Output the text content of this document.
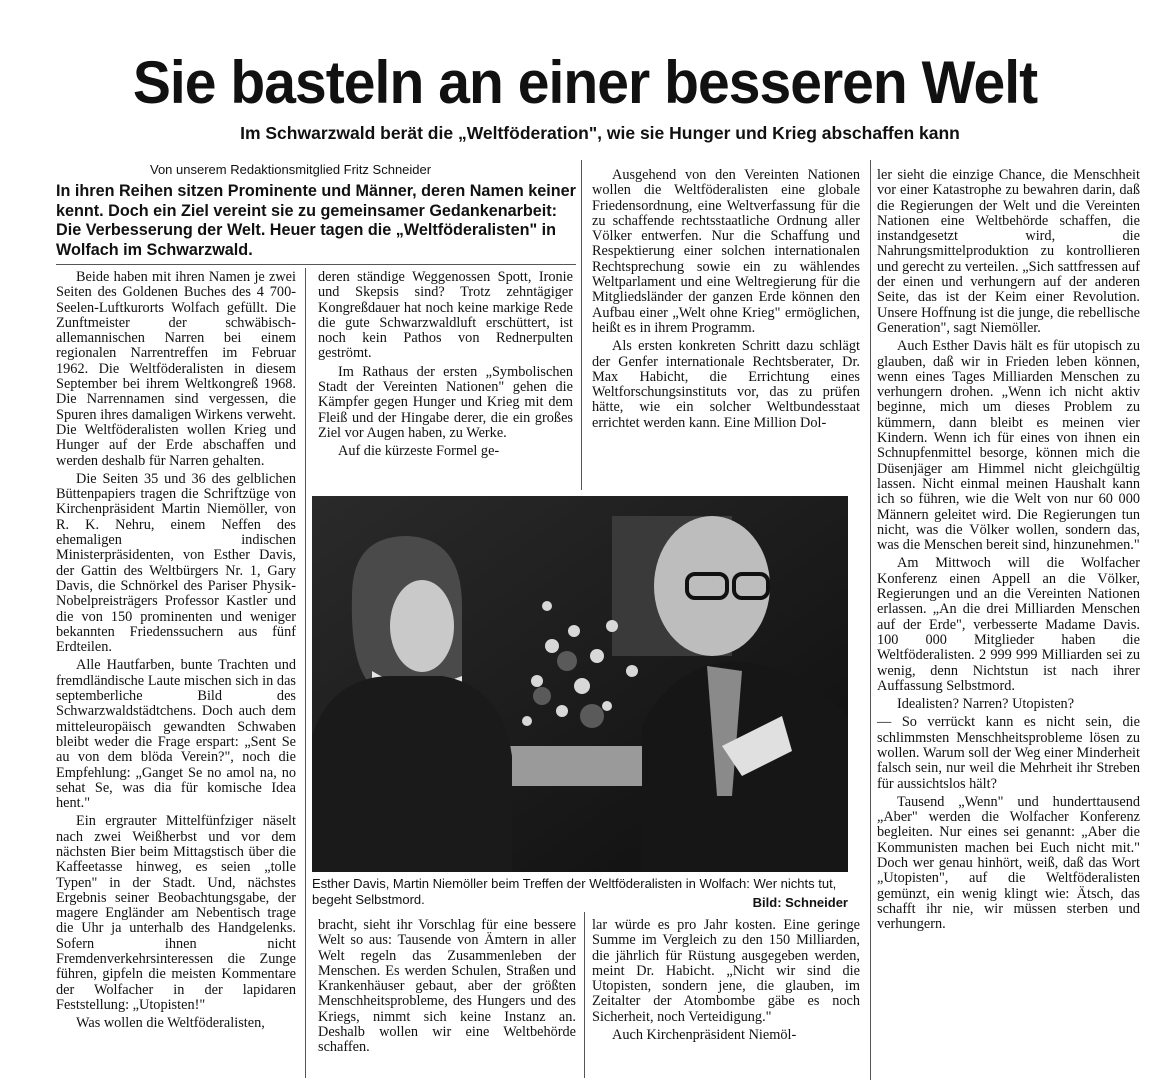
Sie basteln an einer besseren Welt
Im Schwarzwald berät die „Weltföderation", wie sie Hunger und Krieg abschaffen kann
Von unserem Redaktionsmitglied Fritz Schneider
In ihren Reihen sitzen Prominente und Männer, deren Namen keiner kennt. Doch ein Ziel vereint sie zu gemeinsamer Gedankenarbeit: Die Verbesserung der Welt. Heuer tagen die „Weltföderalisten" in Wolfach im Schwarzwald.

Beide haben mit ihren Namen je zwei Seiten des Goldenen Buches des 4 700-Seelen-Luftkurorts Wolfach gefüllt. Die Zunftmeister der schwäbisch-allemannischen Narren bei einem regionalen Narrentreffen im Februar 1962. Die Weltföderalisten in diesem September bei ihrem Weltkongreß 1968. Die Narrennamen sind vergessen, die Spuren ihres damaligen Wirkens verweht. Die Weltföderalisten wollen Krieg und Hunger auf der Erde abschaffen und werden deshalb für Narren gehalten.

Die Seiten 35 und 36 des gelblichen Büttenpapiers tragen die Schriftzüge von Kirchenpräsident Martin Niemöller, von R. K. Nehru, einem Neffen des ehemaligen indischen Ministerpräsidenten, von Esther Davis, der Gattin des Weltbürgers Nr. 1, Gary Davis, die Schnörkel des Pariser Physik-Nobelpreisträgers Professor Kastler und die von 150 prominenten und weniger bekannten Friedenssuchern aus fünf Erdteilen.

Alle Hautfarben, bunte Trachten und fremdländische Laute mischen sich in das septemberliche Bild des Schwarzwaldstädtchens. Doch auch dem mitteleuropäisch gewandten Schwaben bleibt weder die Frage erspart: „Sent Se au von dem blöda Verein?", noch die Empfehlung: „Ganget Se no amol na, no sehat Se, was dia für komische Idea hent."

Ein ergrauter Mittelfünfziger näselt nach zwei Weißherbst und vor dem nächsten Bier beim Mittagstisch über die Kaffeetasse hinweg, es seien „tolle Typen" in der Stadt. Und, nächstes Ergebnis seiner Beobachtungsgabe, der magere Engländer am Nebentisch trage die Uhr ja unterhalb des Handgelenks. Sofern ihnen nicht Fremdenverkehrsinteressen die Zunge führen, gipfeln die meisten Kommentare der Wolfacher in der lapidaren Feststellung: „Utopisten!"

Was wollen die Weltföderalisten,

deren ständige Weggenossen Spott, Ironie und Skepsis sind? Trotz zehntägiger Kongreßdauer hat noch keine markige Rede die gute Schwarzwaldluft erschüttert, ist noch kein Pathos von Rednerpulten geströmt.

Im Rathaus der ersten „Symbolischen Stadt der Vereinten Nationen" gehen die Kämpfer gegen Hunger und Krieg mit dem Fleiß und der Hingabe derer, die ein großes Ziel vor Augen haben, zu Werke.

Auf die kürzeste Formel ge-

Ausgehend von den Vereinten Nationen wollen die Weltföderalisten eine globale Friedensordnung, eine Weltverfassung für die zu schaffende rechtsstaatliche Ordnung aller Völker entwerfen. Nur die Schaffung und Respektierung einer solchen internationalen Rechtsprechung sowie ein zu wählendes Weltparlament und eine Weltregierung für die Mitgliedsländer der ganzen Erde können den Aufbau einer „Welt ohne Krieg" ermöglichen, heißt es in ihrem Programm.

Als ersten konkreten Schritt dazu schlägt der Genfer internationale Rechtsberater, Dr. Max Habicht, die Errichtung eines Weltforschungsinstituts vor, das zu prüfen hätte, wie ein solcher Weltbundesstaat errichtet werden kann. Eine Million Dol-

ler sieht die einzige Chance, die Menschheit vor einer Katastrophe zu bewahren darin, daß die Regierungen der Welt und die Vereinten Nationen eine Weltbehörde schaffen, die instandgesetzt wird, die Nahrungsmittelproduktion zu kontrollieren und gerecht zu verteilen. „Sich sattfressen auf der einen und verhungern auf der anderen Seite, das ist der Keim einer Revolution. Unsere Hoffnung ist die junge, die rebellische Generation", sagt Niemöller.

Auch Esther Davis hält es für utopisch zu glauben, daß wir in Frieden leben können, wenn eines Tages Milliarden Menschen zu verhungern drohen. „Wenn ich nicht aktiv beginne, mich um dieses Problem zu kümmern, dann bleibt es meinen vier Kindern. Wenn ich für eines von ihnen ein Schnupfenmittel besorge, können mich die Düsenjäger am Himmel nicht gleichgültig lassen. Nicht einmal meinen Haushalt kann ich so führen, wie die Welt von nur 60 000 Männern geleitet wird. Die Regierungen tun nicht, was die Völker wollen, sondern das, was die Menschen bereit sind, hinzunehmen."

Am Mittwoch will die Wolfacher Konferenz einen Appell an die Völker, Regierungen und an die Vereinten Nationen erlassen. „An die drei Milliarden Menschen auf der Erde", verbesserte Madame Davis. 100 000 Mitglieder haben die Weltföderalisten. 2 999 999 Milliarden sei zu wenig, denn Nichtstun ist nach ihrer Auffassung Selbstmord.

Idealisten? Narren? Utopisten?

— So verrückt kann es nicht sein, die schlimmsten Menschheitsprobleme lösen zu wollen. Warum soll der Weg einer Minderheit falsch sein, nur weil die Mehrheit ihr Streben für aussichtslos hält?

Tausend „Wenn" und hunderttausend „Aber" werden die Wolfacher Konferenz begleiten. Nur eines sei genannt: „Aber die Kommunisten machen bei Euch nicht mit." Doch wer genau hinhört, weiß, daß das Wort „Utopisten", auf die Weltföderalisten gemünzt, ein wenig klingt wie: Ätsch, das schafft ihr nie, wir müssen sterben und verhungern.

Esther Davis, Martin Niemöller beim Treffen der Weltföderalisten in Wolfach: Wer nichts tut, begeht Selbstmord.	Bild: Schneider

bracht, sieht ihr Vorschlag für eine bessere Welt so aus: Tausende von Ämtern in aller Welt regeln das Zusammenleben der Menschen. Es werden Schulen, Straßen und Krankenhäuser gebaut, aber der größten Menschheitsprobleme, des Hungers und des Kriegs, nimmt sich keine Instanz an. Deshalb wollen wir eine Weltbehörde schaffen.

lar würde es pro Jahr kosten. Eine geringe Summe im Vergleich zu den 150 Milliarden, die jährlich für Rüstung ausgegeben werden, meint Dr. Habicht. „Nicht wir sind die Utopisten, sondern jene, die glauben, im Zeitalter der Atombombe gäbe es noch Sicherheit, noch Verteidigung."

Auch Kirchenpräsident Niemöl-
